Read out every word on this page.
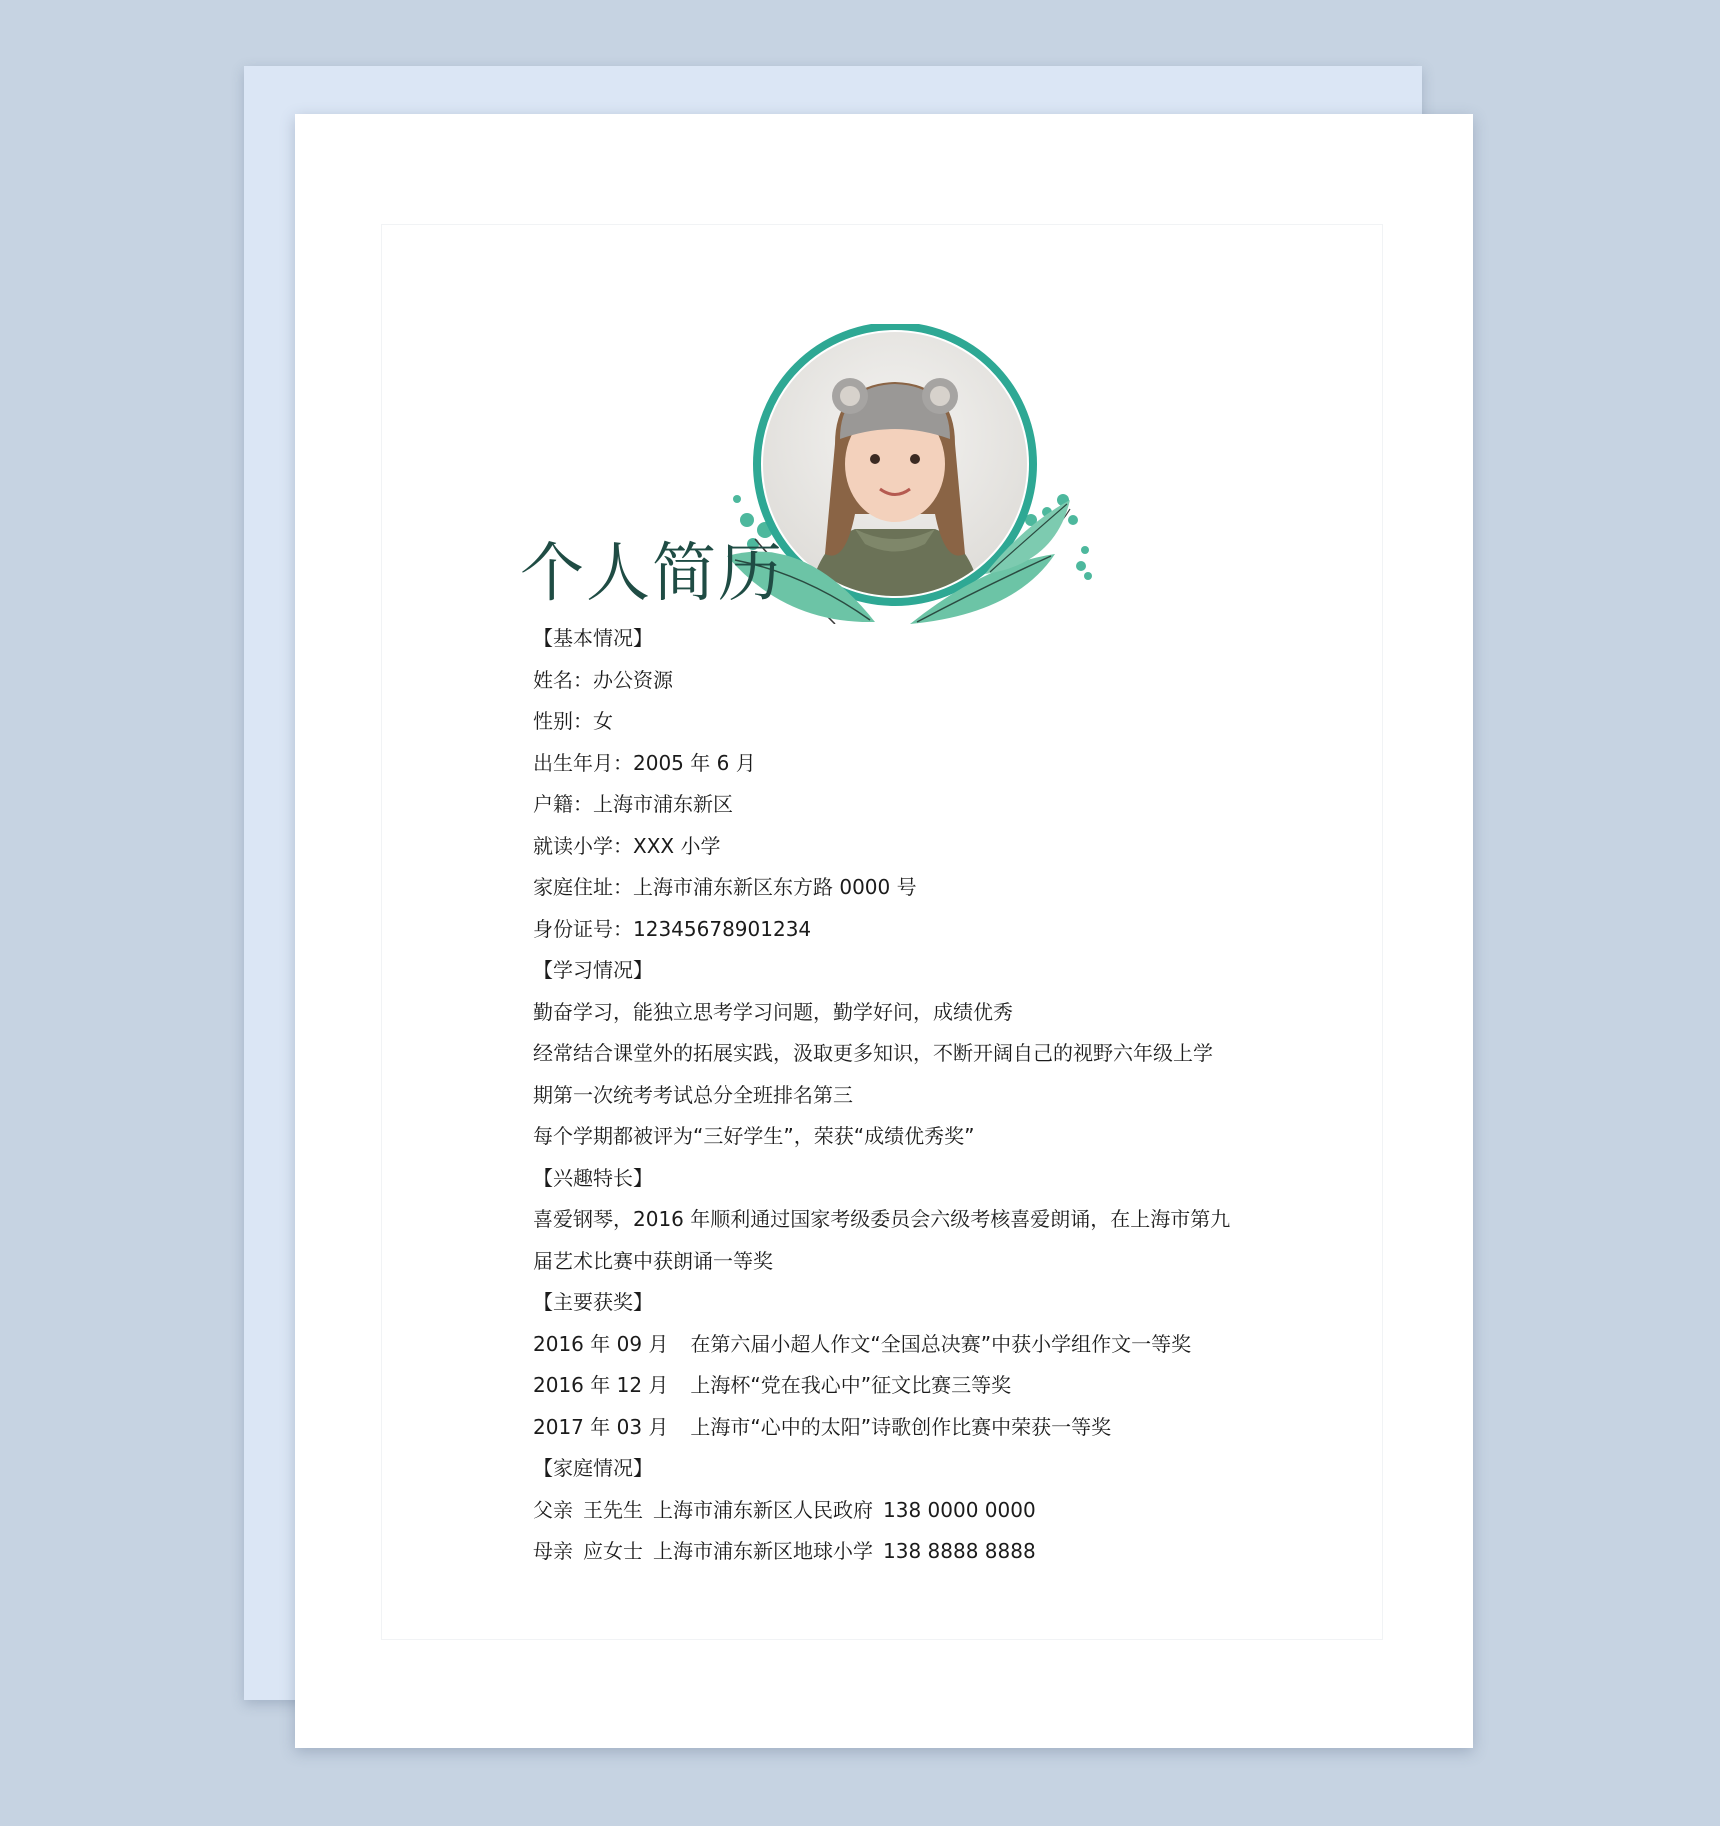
个人简历
【基本情况】
姓名：办公资源
性别：女
出生年月：2005 年 6 月
户籍：上海市浦东新区
就读小学：XXX 小学
家庭住址：上海市浦东新区东方路 0000 号
身份证号：12345678901234
【学习情况】
勤奋学习，能独立思考学习问题，勤学好问，成绩优秀
经常结合课堂外的拓展实践，汲取更多知识，不断开阔自己的视野六年级上学
期第一次统考考试总分全班排名第三
每个学期都被评为“三好学生”，荣获“成绩优秀奖”
【兴趣特长】
喜爱钢琴，2016 年顺利通过国家考级委员会六级考核喜爱朗诵，在上海市第九
届艺术比赛中获朗诵一等奖
【主要获奖】
2016 年 09 月 在第六届小超人作文“全国总决赛”中获小学组作文一等奖
2016 年 12 月 上海杯“党在我心中”征文比赛三等奖
2017 年 03 月 上海市“心中的太阳”诗歌创作比赛中荣获一等奖
【家庭情况】
父亲 王先生 上海市浦东新区人民政府 138 0000 0000
母亲 应女士 上海市浦东新区地球小学 138 8888 8888
